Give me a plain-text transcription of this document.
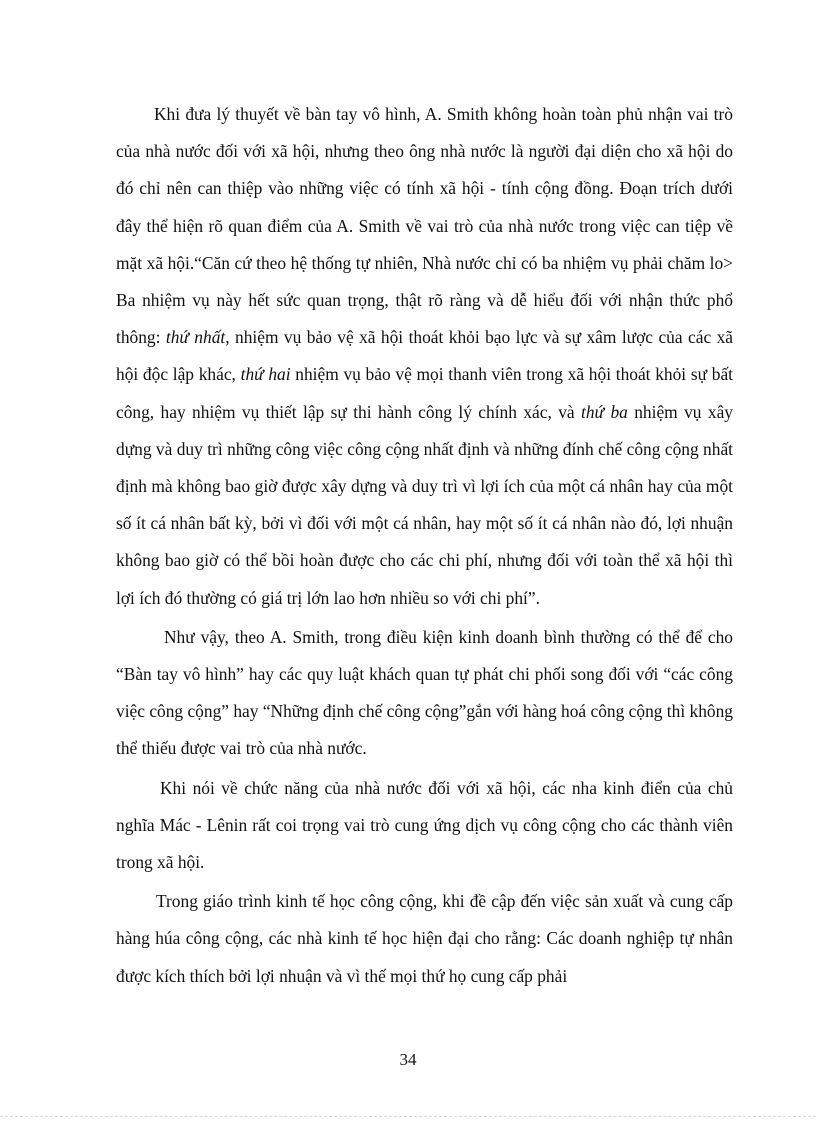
Khi đưa lý thuyết về bàn tay vô hình, A. Smith không hoàn toàn phủ nhận vai trò của nhà nước đối với xã hội, nhưng theo ông nhà nước là người đại diện cho xã hội do đó chỉ nên can thiệp vào những việc có tính xã hội - tính cộng đồng. Đoạn trích dưới đây thể hiện rõ quan điểm của A. Smith về vai trò của nhà nước trong việc can tiệp về mặt xã hội.“Căn cứ theo hệ thống tự nhiên, Nhà nước chỉ có ba nhiệm vụ phải chăm lo> Ba nhiệm vụ này hết sức quan trọng, thật rõ ràng và dễ hiểu đối với nhận thức phổ thông: thứ nhất, nhiệm vụ bảo vệ xã hội thoát khỏi bạo lực và sự xâm lược của các xã hội độc lập khác, thứ hai nhiệm vụ bảo vệ mọi thanh viên trong xã hội thoát khỏi sự bất công, hay nhiệm vụ thiết lập sự thi hành công lý chính xác, và thứ ba nhiệm vụ xây dựng và duy trì những công việc công cộng nhất định và những đính chế công cộng nhất định mà không bao giờ được xây dựng và duy trì vì lợi ích của một cá nhân hay của một số ít cá nhân bất kỳ, bởi vì đối với một cá nhân, hay một số ít cá nhân nào đó, lợi nhuận không bao giờ có thể bồi hoàn được cho các chi phí, nhưng đối với toàn thể xã hội thì lợi ích đó thường có giá trị lớn lao hơn nhiều so với chi phí”.

Như vậy, theo A. Smith, trong điều kiện kinh doanh bình thường có thể để cho “Bàn tay vô hình” hay các quy luật khách quan tự phát chi phối song đối với “các công việc công cộng” hay “Những định chế công cộng”gắn với hàng hoá công cộng thì không thể thiếu được vai trò của nhà nước.

Khi nói về chức năng của nhà nước đối với xã hội, các nha kinh điển của chủ nghĩa Mác - Lênin rất coi trọng vai trò cung ứng dịch vụ công cộng cho các thành viên trong xã hội.

Trong giáo trình kinh tế học công cộng, khi đề cập đến việc sản xuất và cung cấp hàng húa công cộng, các nhà kinh tế học hiện đại cho rằng: Các doanh nghiệp tự nhân được kích thích bởi lợi nhuận và vì thế mọi thứ họ cung cấp phải

34
